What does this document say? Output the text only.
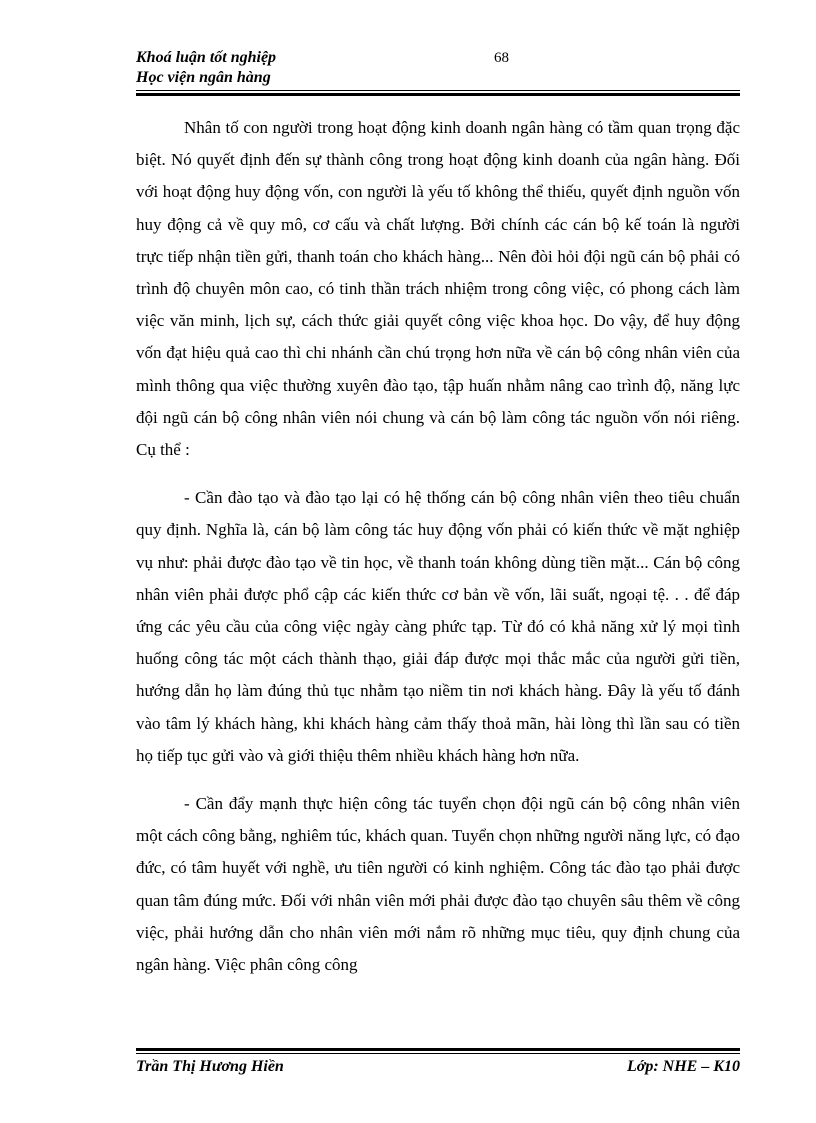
Khoá luận tốt nghiệp
Học viện ngân hàng
68

Nhân tố con người trong hoạt động kinh doanh ngân hàng có tầm quan trọng đặc biệt. Nó quyết định đến sự thành công trong hoạt động kinh doanh của ngân hàng. Đối với hoạt động huy động vốn, con người là yếu tố không thể thiếu, quyết định nguồn vốn huy động cả về quy mô, cơ cấu và chất lượng. Bởi chính các cán bộ kế toán là người trực tiếp nhận tiền gửi, thanh toán cho khách hàng... Nên đòi hỏi đội ngũ cán bộ phải có trình độ chuyên môn cao, có tinh thần trách nhiệm trong công việc, có phong cách làm việc văn minh, lịch sự, cách thức giải quyết công việc khoa học. Do vậy, để huy động vốn đạt hiệu quả cao thì chi nhánh cần chú trọng hơn nữa về cán bộ công nhân viên của mình thông qua việc thường xuyên đào tạo, tập huấn nhằm nâng cao trình độ, năng lực đội ngũ cán bộ công nhân viên nói chung và cán bộ làm công tác nguồn vốn nói riêng. Cụ thể :

- Cần đào tạo và đào tạo lại có hệ thống cán bộ công nhân viên theo tiêu chuẩn quy định. Nghĩa là, cán bộ làm công tác huy động vốn phải có kiến thức về mặt nghiệp vụ như: phải được đào tạo về tin học, về thanh toán không dùng tiền mặt... Cán bộ công nhân viên phải được phổ cập các kiến thức cơ bản về vốn, lãi suất, ngoại tệ. . . để đáp ứng các yêu cầu của công việc ngày càng phức tạp. Từ đó có khả năng xử lý mọi tình huống công tác một cách thành thạo, giải đáp được mọi thắc mắc của người gửi tiền, hướng dẫn họ làm đúng thủ tục nhằm tạo niềm tin nơi khách hàng. Đây là yếu tố đánh vào tâm lý khách hàng, khi khách hàng cảm thấy thoả mãn, hài lòng thì lần sau có tiền họ tiếp tục gửi vào và giới thiệu thêm nhiều khách hàng hơn nữa.

- Cần đẩy mạnh thực hiện công tác tuyển chọn đội ngũ cán bộ công nhân viên một cách công bằng, nghiêm túc, khách quan. Tuyển chọn những người năng lực, có đạo đức, có tâm huyết với nghề, ưu tiên người có kinh nghiệm. Công tác đào tạo phải được quan tâm đúng mức. Đối với nhân viên mới phải được đào tạo chuyên sâu thêm về công việc, phải hướng dẫn cho nhân viên mới nắm rõ những mục tiêu, quy định chung của ngân hàng. Việc phân công công

Trần Thị Hương Hiền	Lớp: NHE – K10
